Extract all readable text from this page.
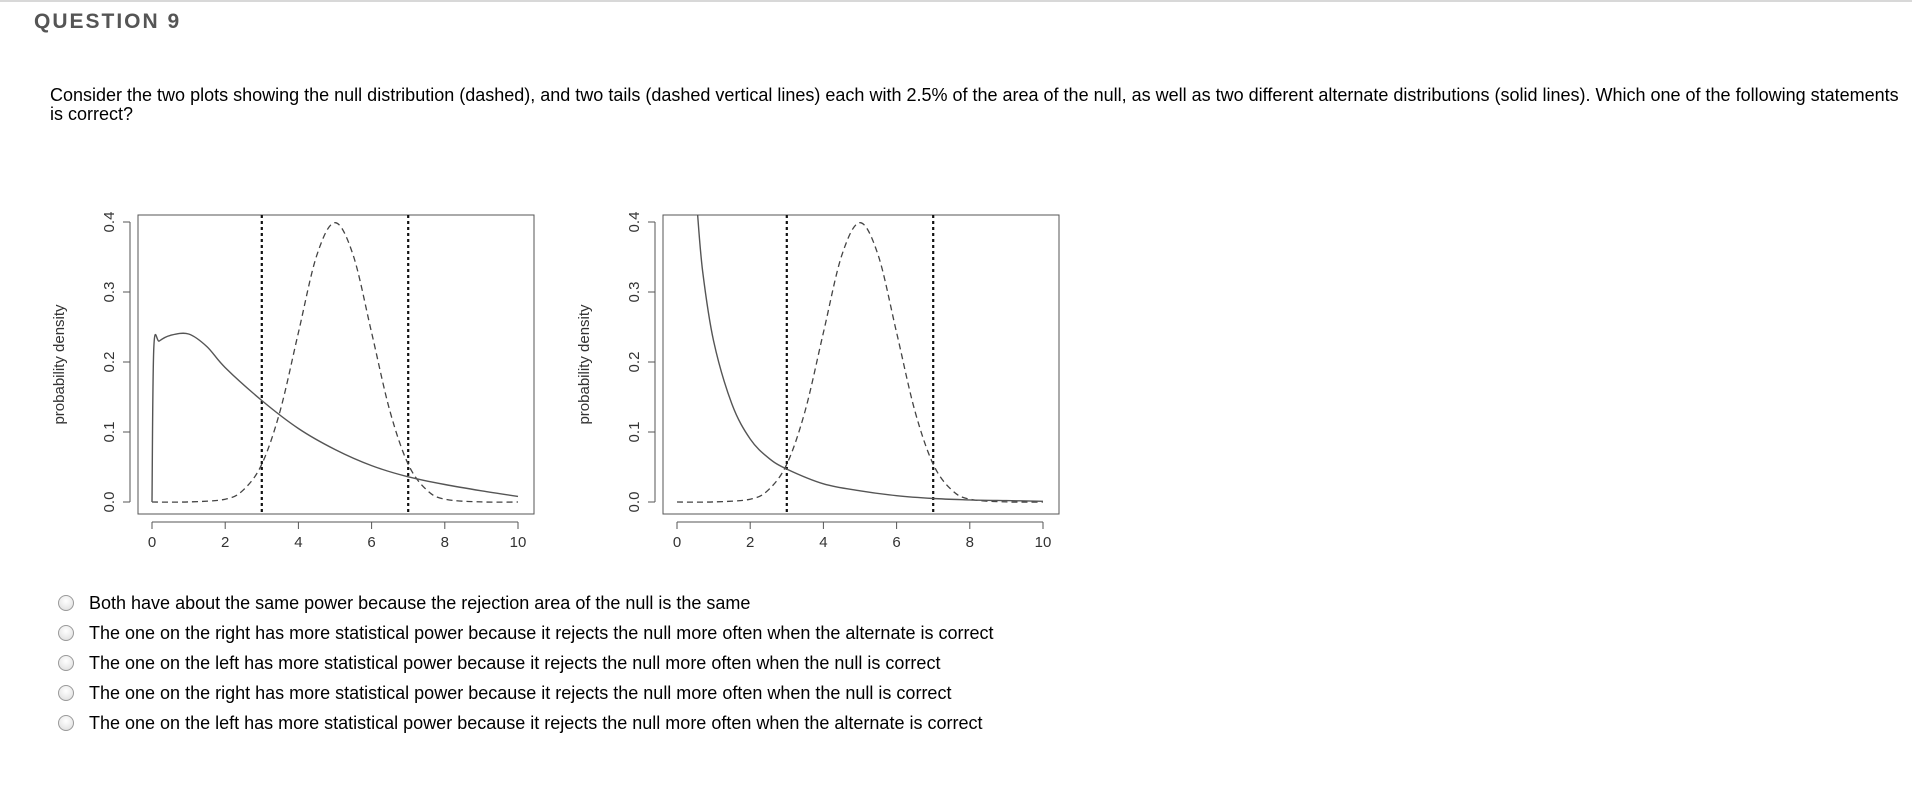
QUESTION 9
Consider the two plots showing the null distribution (dashed), and two tails (dashed vertical lines) each with 2.5% of the area of the null, as well as two different alternate distributions (solid lines). Which one of the following statements is correct?
0	2	4	6	8	10
0.0
0.1
0.2
0.3
0.4
probability density
0	2	4	6	8	10
0.0
0.1
0.2
0.3
0.4
probability density
Both have about the same power because the rejection area of the null is the same
The one on the right has more statistical power because it rejects the null more often when the alternate is correct
The one on the left has more statistical power because it rejects the null more often when the null is correct
The one on the right has more statistical power because it rejects the null more often when the null is correct
The one on the left has more statistical power because it rejects the null more often when the alternate is correct
